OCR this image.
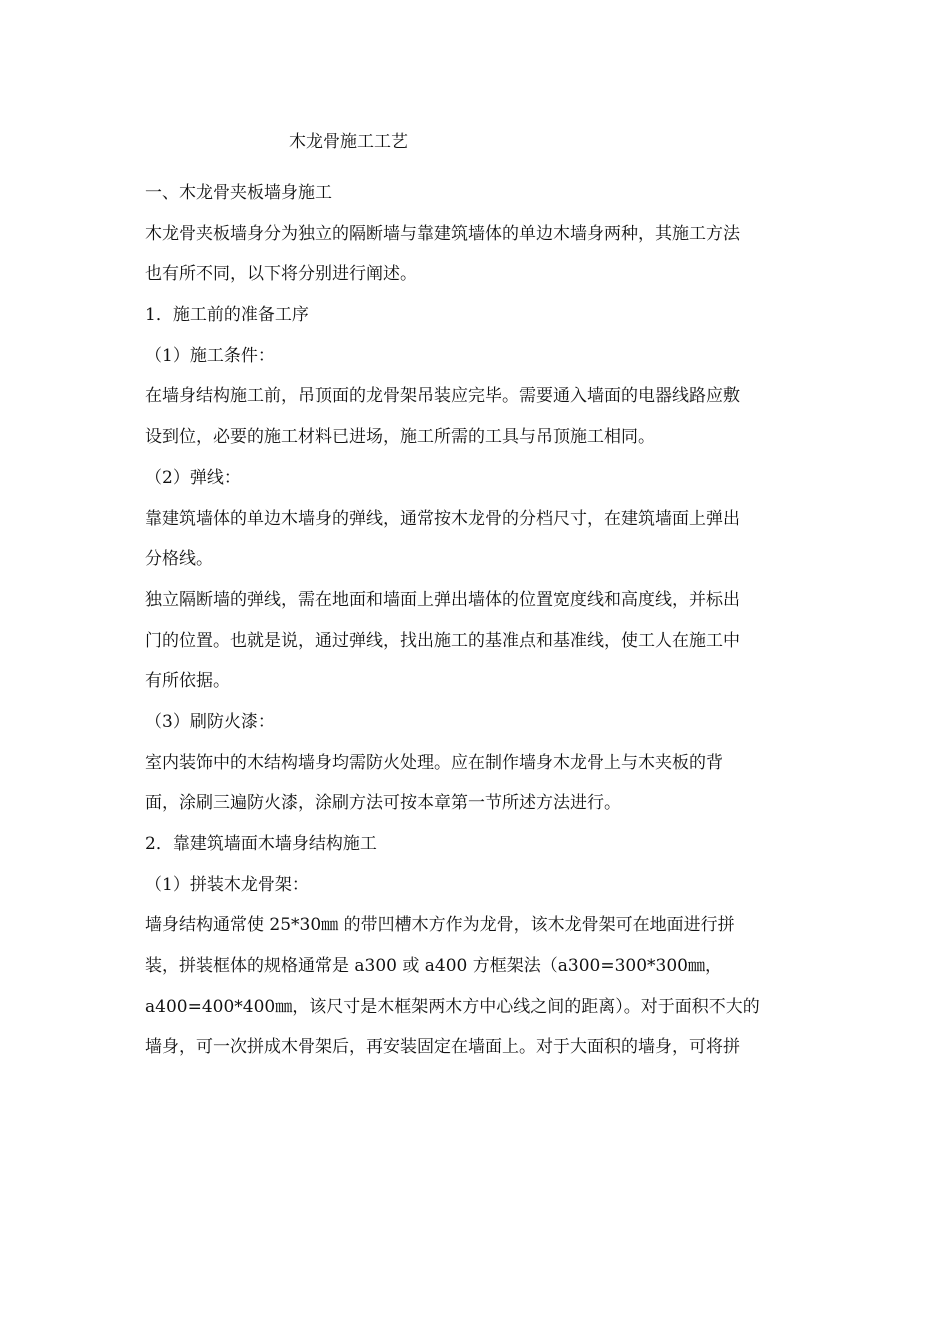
木龙骨施工工艺
一、木龙骨夹板墙身施工
木龙骨夹板墙身分为独立的隔断墙与靠建筑墙体的单边木墙身两种，其施工方法
也有所不同，以下将分别进行阐述。
1．施工前的准备工序
（1）施工条件：
在墙身结构施工前，吊顶面的龙骨架吊装应完毕。需要通入墙面的电器线路应敷
设到位，必要的施工材料已进场，施工所需的工具与吊顶施工相同。
（2）弹线：
靠建筑墙体的单边木墙身的弹线，通常按木龙骨的分档尺寸，在建筑墙面上弹出
分格线。
独立隔断墙的弹线，需在地面和墙面上弹出墙体的位置宽度线和高度线，并标出
门的位置。也就是说，通过弹线，找出施工的基准点和基准线，使工人在施工中
有所依据。
（3）刷防火漆：
室内装饰中的木结构墙身均需防火处理。应在制作墙身木龙骨上与木夹板的背
面，涂刷三遍防火漆，涂刷方法可按本章第一节所述方法进行。
2．靠建筑墙面木墙身结构施工
（1）拼装木龙骨架：
墙身结构通常使 25*30㎜ 的带凹槽木方作为龙骨，该木龙骨架可在地面进行拼
装，拼装框体的规格通常是 a300 或 a400 方框架法（a300=300*300㎜，
a400=400*400㎜，该尺寸是木框架两木方中心线之间的距离）。对于面积不大的
墙身，可一次拼成木骨架后，再安装固定在墙面上。对于大面积的墙身，可将拼
